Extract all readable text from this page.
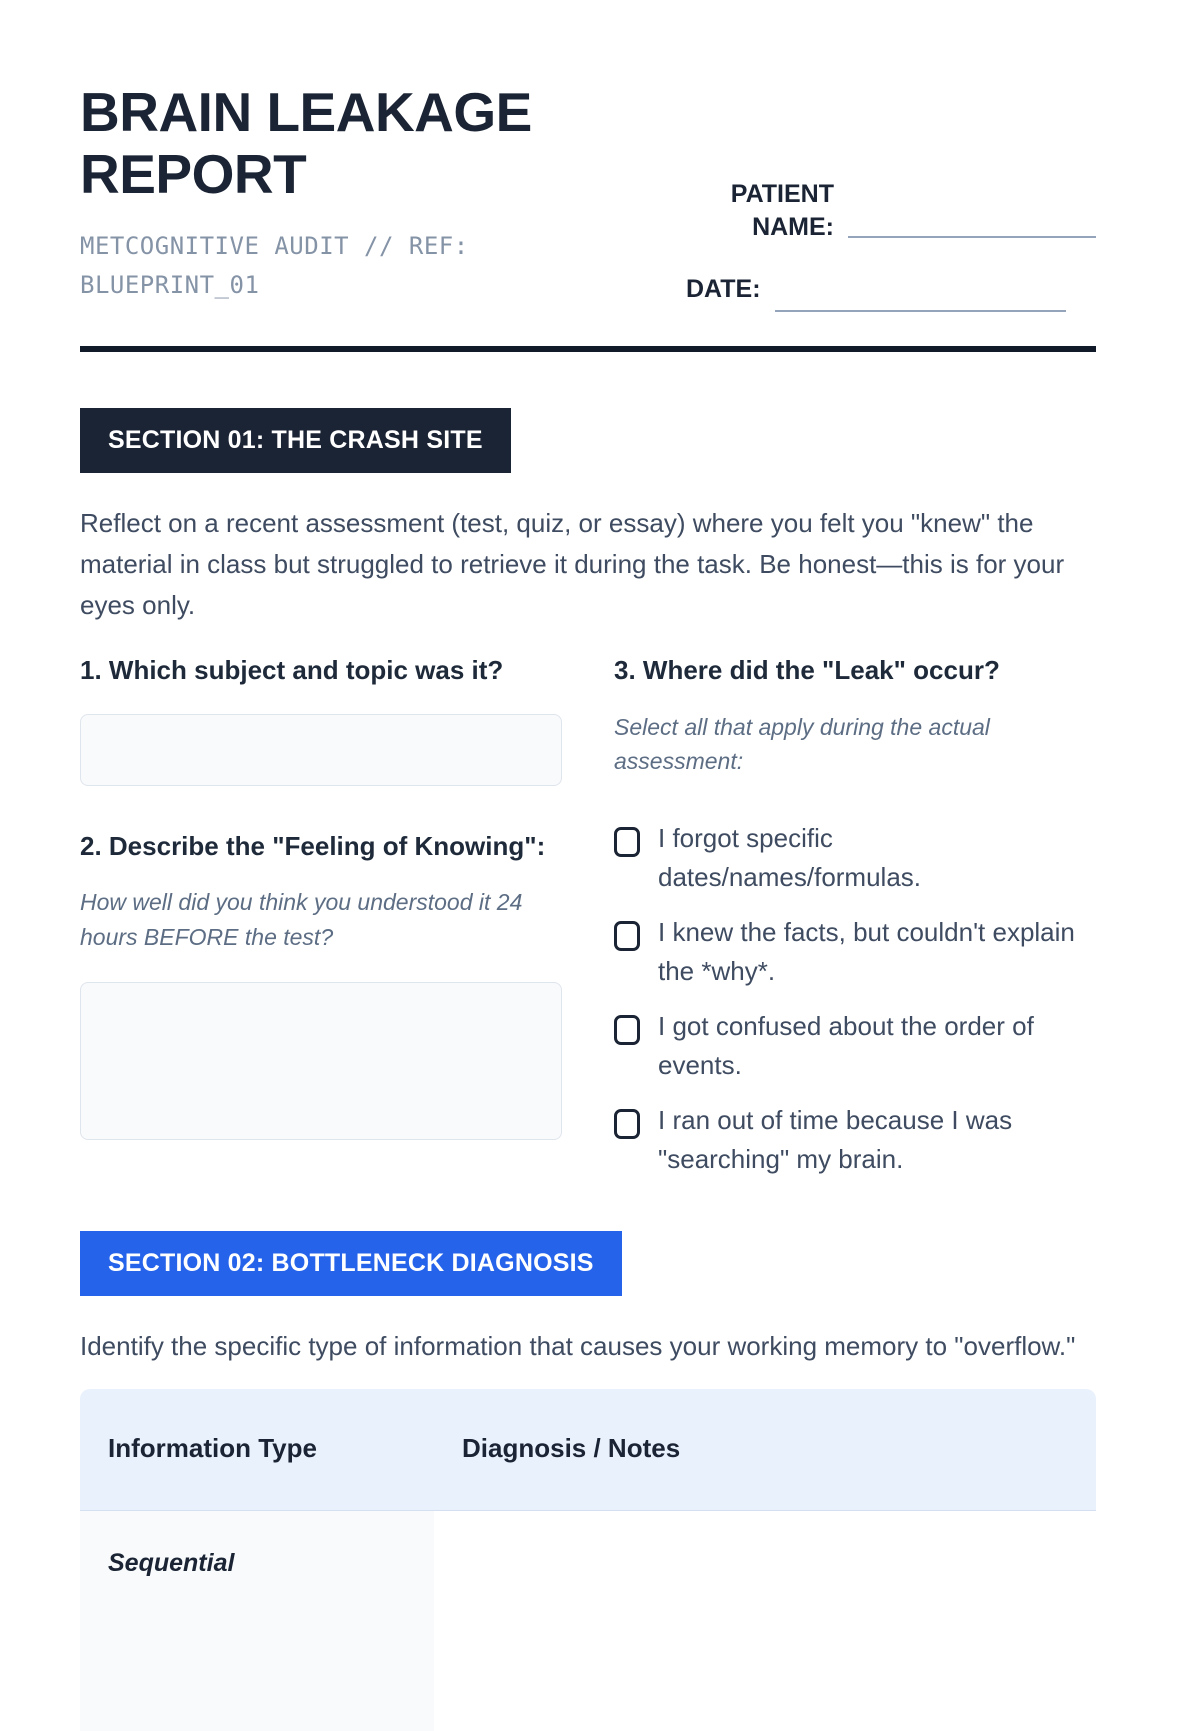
BRAIN LEAKAGE REPORT
METCOGNITIVE AUDIT // REF: BLUEPRINT_01
PATIENT NAME:
DATE:
SECTION 01: THE CRASH SITE

Reflect on a recent assessment (test, quiz, or essay) where you felt you "knew" the material in class but struggled to retrieve it during the task. Be honest—this is for your eyes only.

1. Which subject and topic was it?
2. Describe the "Feeling of Knowing":
How well did you think you understood it 24 hours BEFORE the test?
3. Where did the "Leak" occur?
Select all that apply during the actual assessment:
I forgot specific dates/names/formulas.
I knew the facts, but couldn't explain the *why*.
I got confused about the order of events.
I ran out of time because I was "searching" my brain.
SECTION 02: BOTTLENECK DIAGNOSIS

Identify the specific type of information that causes your working memory to "overflow."

Information Type	Diagnosis / Notes
Sequential	
